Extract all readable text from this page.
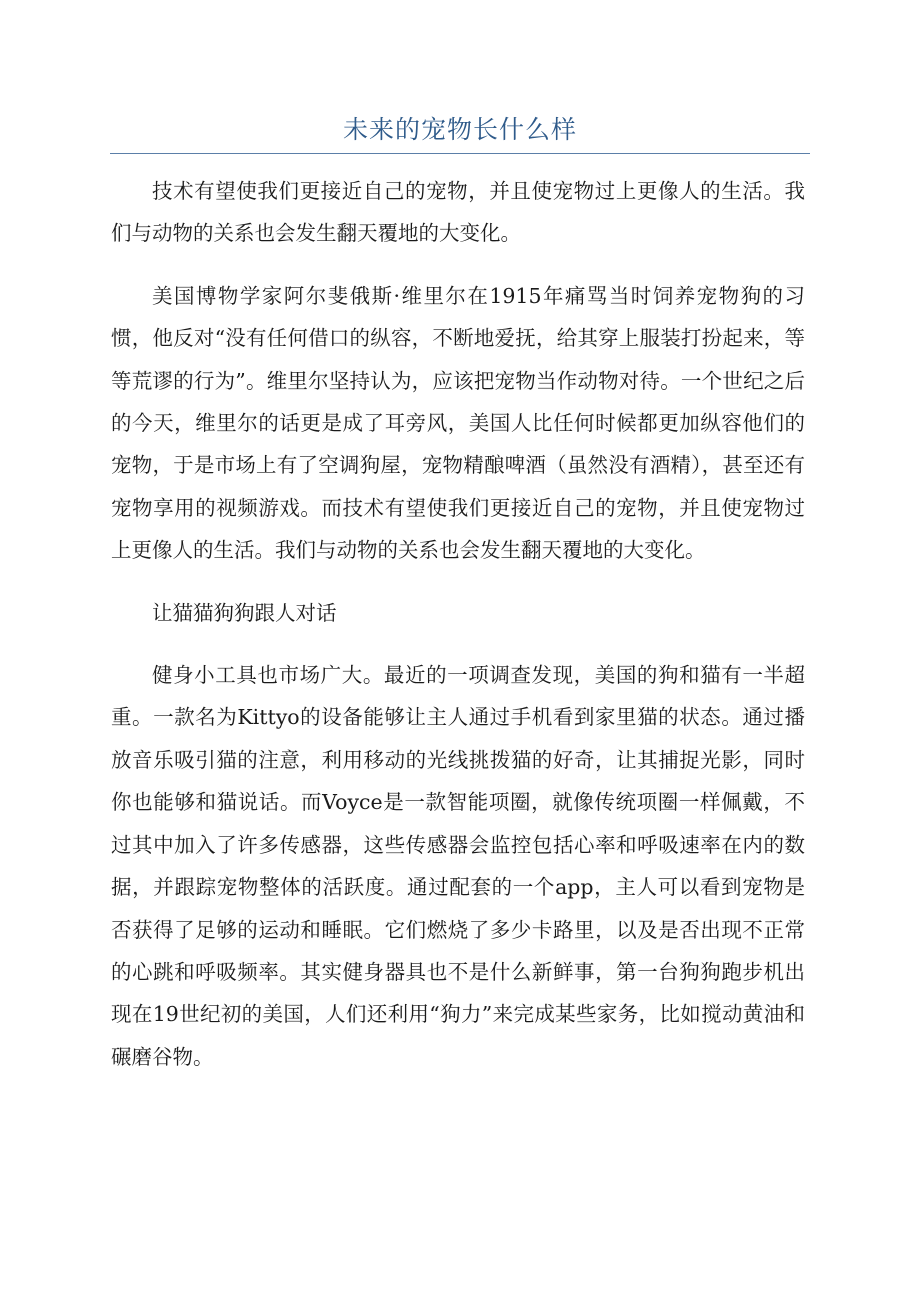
未来的宠物长什么样

技术有望使我们更接近自己的宠物，并且使宠物过上更像人的生活。我们与动物的关系也会发生翻天覆地的大变化。

美国博物学家阿尔斐俄斯·维里尔在1915年痛骂当时饲养宠物狗的习惯，他反对“没有任何借口的纵容，不断地爱抚，给其穿上服装打扮起来，等等荒谬的行为”。维里尔坚持认为，应该把宠物当作动物对待。一个世纪之后的今天，维里尔的话更是成了耳旁风，美国人比任何时候都更加纵容他们的宠物，于是市场上有了空调狗屋，宠物精酿啤酒（虽然没有酒精），甚至还有宠物享用的视频游戏。而技术有望使我们更接近自己的宠物，并且使宠物过上更像人的生活。我们与动物的关系也会发生翻天覆地的大变化。

让猫猫狗狗跟人对话

健身小工具也市场广大。最近的一项调查发现，美国的狗和猫有一半超重。一款名为Kittyo的设备能够让主人通过手机看到家里猫的状态。通过播放音乐吸引猫的注意，利用移动的光线挑拨猫的好奇，让其捕捉光影，同时你也能够和猫说话。而Voyce是一款智能项圈，就像传统项圈一样佩戴，不过其中加入了许多传感器，这些传感器会监控包括心率和呼吸速率在内的数据，并跟踪宠物整体的活跃度。通过配套的一个app，主人可以看到宠物是否获得了足够的运动和睡眠。它们燃烧了多少卡路里，以及是否出现不正常的心跳和呼吸频率。其实健身器具也不是什么新鲜事，第一台狗狗跑步机出现在19世纪初的美国，人们还利用“狗力”来完成某些家务，比如搅动黄油和碾磨谷物。
